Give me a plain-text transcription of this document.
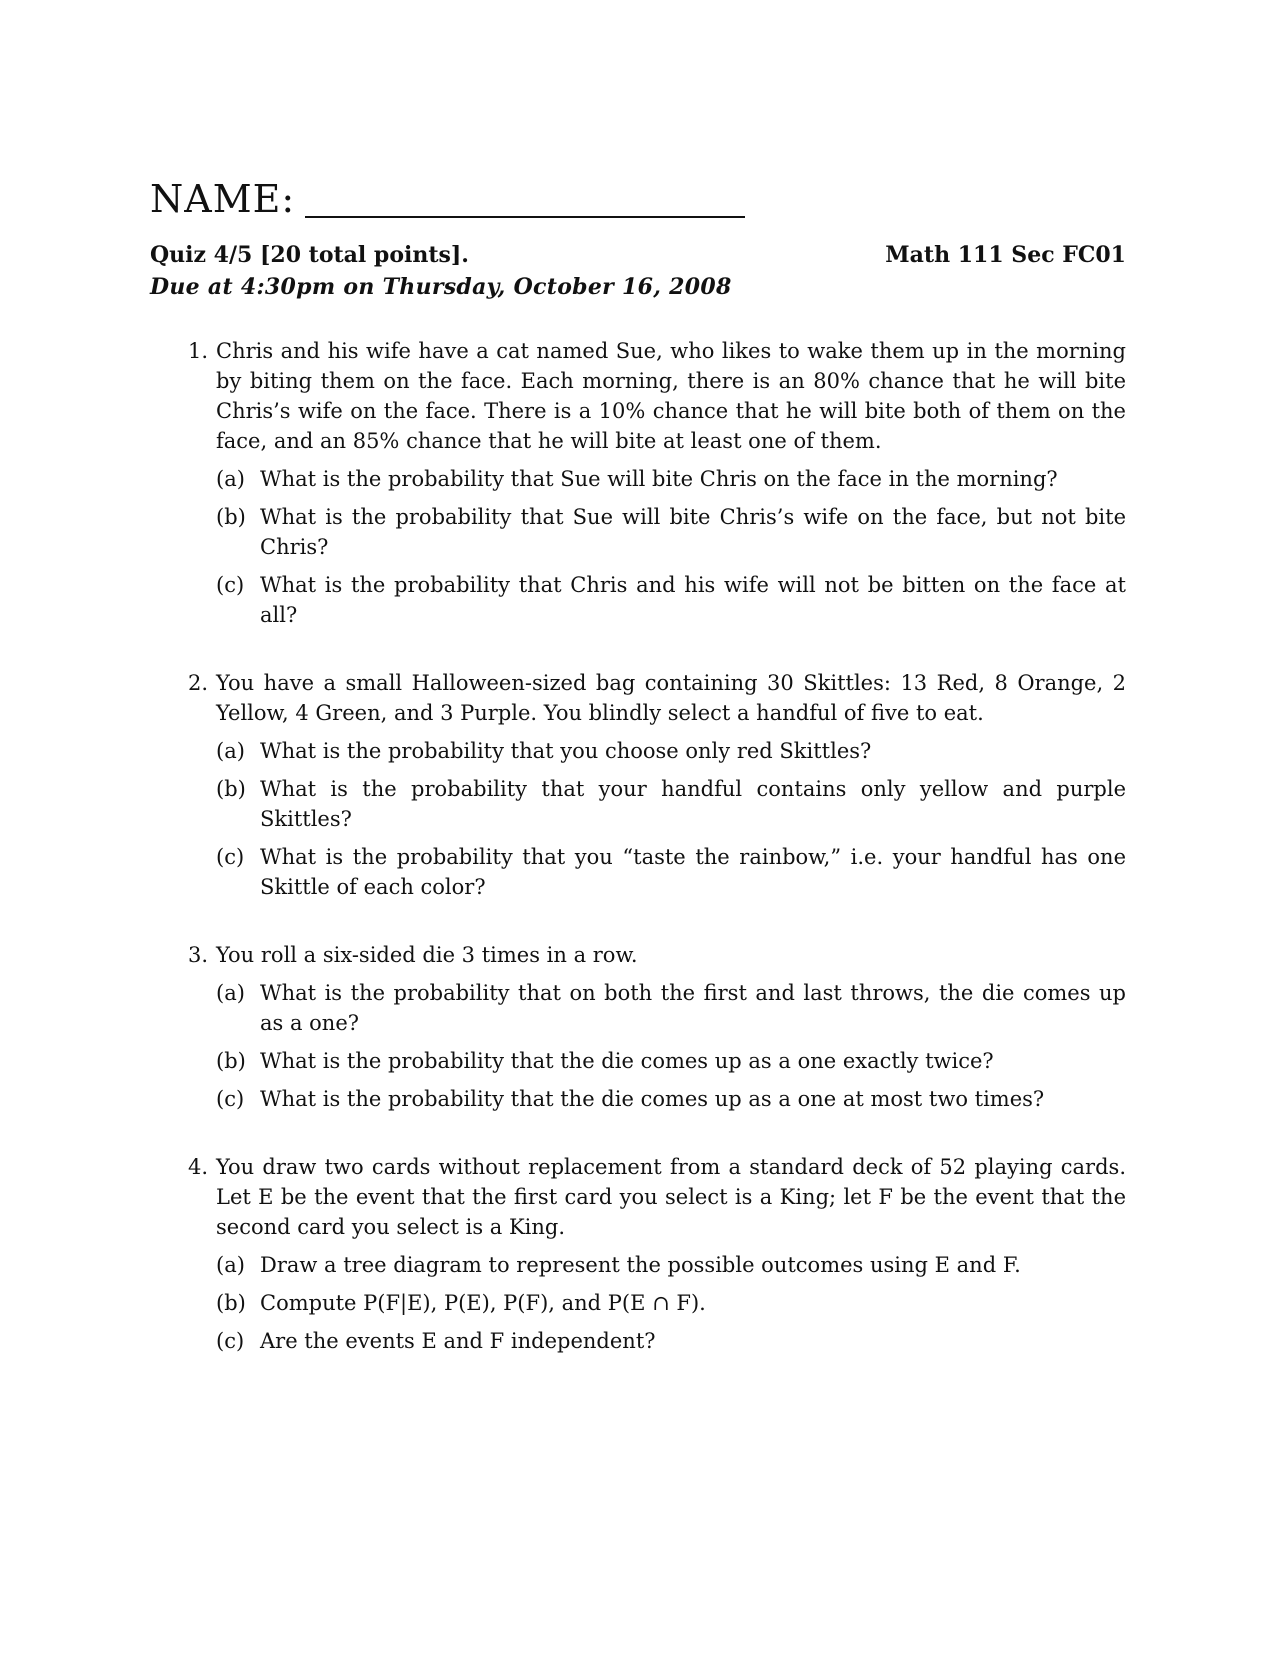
NAME:
Quiz 4/5 [20 total points].	Math 111 Sec FC01
Due at 4:30pm on Thursday, October 16, 2008
1. Chris and his wife have a cat named Sue, who likes to wake them up in the morning by biting them on the face. Each morning, there is an 80% chance that he will bite Chris’s wife on the face. There is a 10% chance that he will bite both of them on the face, and an 85% chance that he will bite at least one of them.
(a) What is the probability that Sue will bite Chris on the face in the morning?
(b) What is the probability that Sue will bite Chris’s wife on the face, but not bite Chris?
(c) What is the probability that Chris and his wife will not be bitten on the face at all?
2. You have a small Halloween-sized bag containing 30 Skittles: 13 Red, 8 Orange, 2 Yellow, 4 Green, and 3 Purple. You blindly select a handful of five to eat.
(a) What is the probability that you choose only red Skittles?
(b) What is the probability that your handful contains only yellow and purple Skittles?
(c) What is the probability that you “taste the rainbow,” i.e. your handful has one Skittle of each color?
3. You roll a six-sided die 3 times in a row.
(a) What is the probability that on both the first and last throws, the die comes up as a one?
(b) What is the probability that the die comes up as a one exactly twice?
(c) What is the probability that the die comes up as a one at most two times?
4. You draw two cards without replacement from a standard deck of 52 playing cards. Let E be the event that the first card you select is a King; let F be the event that the second card you select is a King.
(a) Draw a tree diagram to represent the possible outcomes using E and F.
(b) Compute P(F|E), P(E), P(F), and P(E ∩ F).
(c) Are the events E and F independent?
